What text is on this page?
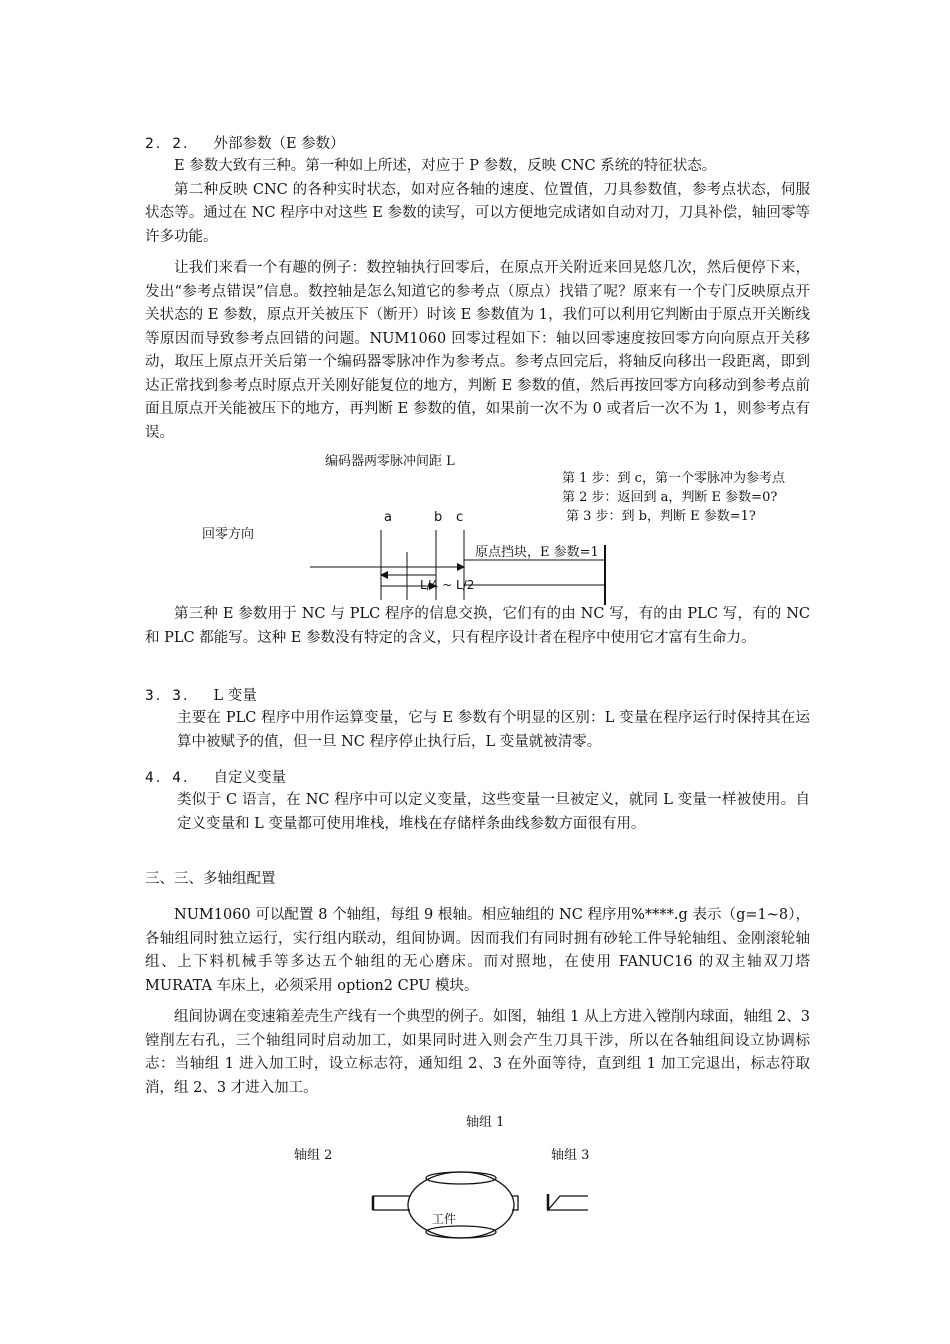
2．2． 外部参数（E 参数）

E 参数大致有三种。第一种如上所述，对应于 P 参数，反映 CNC 系统的特征状态。

第二种反映 CNC 的各种实时状态，如对应各轴的速度、位置值，刀具参数值，参考点状态，伺服状态等。通过在 NC 程序中对这些 E 参数的读写，可以方便地完成诸如自动对刀，刀具补偿，轴回零等许多功能。

让我们来看一个有趣的例子：数控轴执行回零后，在原点开关附近来回晃悠几次，然后便停下来，发出“参考点错误”信息。数控轴是怎么知道它的参考点（原点）找错了呢？原来有一个专门反映原点开关状态的 E 参数，原点开关被压下（断开）时该 E 参数值为 1，我们可以利用它判断由于原点开关断线等原因而导致参考点回错的问题。NUM1060 回零过程如下：轴以回零速度按回零方向向原点开关移动，取压上原点开关后第一个编码器零脉冲作为参考点。参考点回完后，将轴反向移出一段距离，即到达正常找到参考点时原点开关刚好能复位的地方，判断 E 参数的值，然后再按回零方向移动到参考点前面且原点开关能被压下的地方，再判断 E 参数的值，如果前一次不为 0 或者后一次不为 1，则参考点有误。

编码器两零脉冲间距 L
第 1 步：到 c，第一个零脉冲为参考点
第 2 步：返回到 a，判断 E 参数=0?
第 3 步：到 b，判断 E 参数=1?
a	b c
回零方向
原点挡块，E 参数=1
L/4 ~ L/2

第三种 E 参数用于 NC 与 PLC 程序的信息交换，它们有的由 NC 写，有的由 PLC 写，有的 NC 和 PLC 都能写。这种 E 参数没有特定的含义，只有程序设计者在程序中使用它才富有生命力。

3．3． L 变量

主要在 PLC 程序中用作运算变量，它与 E 参数有个明显的区别：L 变量在程序运行时保持其在运算中被赋予的值，但一旦 NC 程序停止执行后，L 变量就被清零。

4．4． 自定义变量

类似于 C 语言，在 NC 程序中可以定义变量，这些变量一旦被定义，就同 L 变量一样被使用。自定义变量和 L 变量都可使用堆栈，堆栈在存储样条曲线参数方面很有用。

三、三、多轴组配置

NUM1060 可以配置 8 个轴组，每组 9 根轴。相应轴组的 NC 程序用%****.g 表示（g=1~8），各轴组同时独立运行，实行组内联动，组间协调。因而我们有同时拥有砂轮工件导轮轴组、金刚滚轮轴组、上下料机械手等多达五个轴组的无心磨床。而对照地，在使用 FANUC16 的双主轴双刀塔 MURATA 车床上，必须采用 option2 CPU 模块。

组间协调在变速箱差壳生产线有一个典型的例子。如图，轴组 1 从上方进入镗削内球面，轴组 2、3 镗削左右孔，三个轴组同时启动加工，如果同时进入则会产生刀具干涉，所以在各轴组间设立协调标志：当轴组 1 进入加工时，设立标志符，通知组 2、3 在外面等待，直到组 1 加工完退出，标志符取消，组 2、3 才进入加工。

轴组 1
轴组 2	轴组 3
工件
